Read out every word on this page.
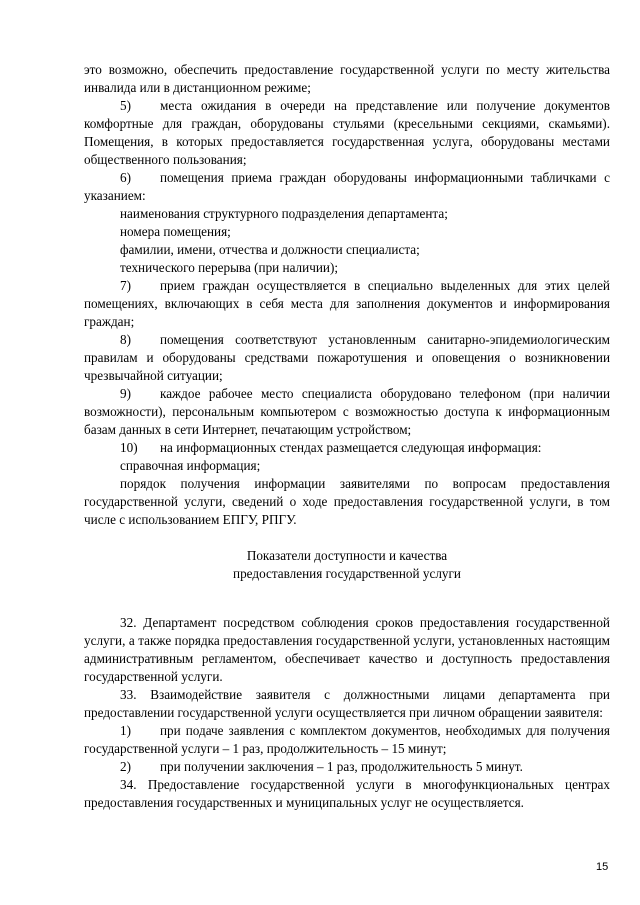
это возможно, обеспечить предоставление государственной услуги по месту жительства инвалида или в дистанционном режиме;

5) места ожидания в очереди на представление или получение документов комфортные для граждан, оборудованы стульями (кресельными секциями, скамьями). Помещения, в которых предоставляется государственная услуга, оборудованы местами общественного пользования;

6) помещения приема граждан оборудованы информационными табличками с указанием:

наименования структурного подразделения департамента;

номера помещения;

фамилии, имени, отчества и должности специалиста;

технического перерыва (при наличии);

7) прием граждан осуществляется в специально выделенных для этих целей помещениях, включающих в себя места для заполнения документов и информирования граждан;

8) помещения соответствуют установленным санитарно-эпидемиологическим правилам и оборудованы средствами пожаротушения и оповещения о возникновении чрезвычайной ситуации;

9) каждое рабочее место специалиста оборудовано телефоном (при наличии возможности), персональным компьютером с возможностью доступа к информационным базам данных в сети Интернет, печатающим устройством;

10) на информационных стендах размещается следующая информация:

справочная информация;

порядок получения информации заявителями по вопросам предоставления государственной услуги, сведений о ходе предоставления государственной услуги, в том числе с использованием ЕПГУ, РПГУ.

Показатели доступности и качества
предоставления государственной услуги

32. Департамент посредством соблюдения сроков предоставления государственной услуги, а также порядка предоставления государственной услуги, установленных настоящим административным регламентом, обеспечивает качество и доступность предоставления государственной услуги.

33. Взаимодействие заявителя с должностными лицами департамента при предоставлении государственной услуги осуществляется при личном обращении заявителя:

1) при подаче заявления с комплектом документов, необходимых для получения государственной услуги – 1 раз, продолжительность – 15 минут;

2) при получении заключения – 1 раз, продолжительность 5 минут.

34. Предоставление государственной услуги в многофункциональных центрах предоставления государственных и муниципальных услуг не осуществляется.

15
